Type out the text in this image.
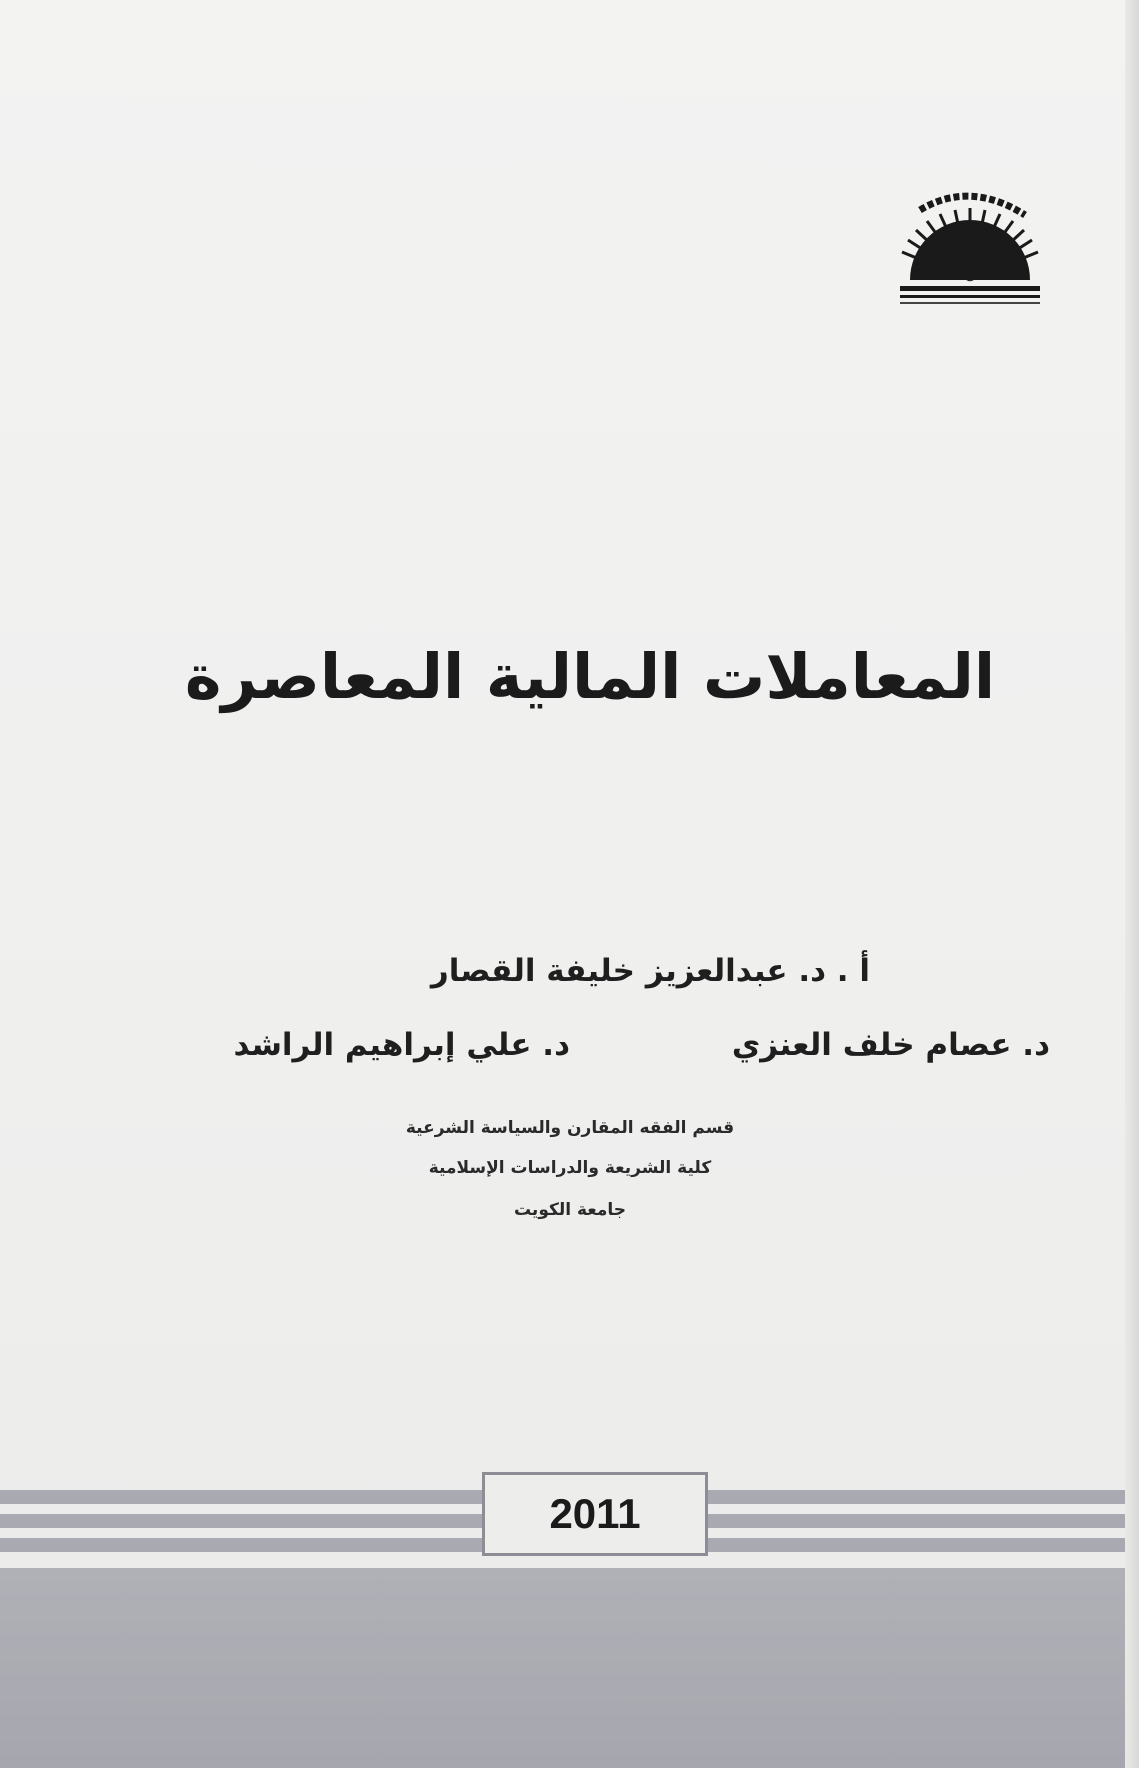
المعاملات المالية المعاصرة
أ . د. عبدالعزيز خليفة القصار
د. عصام خلف العنزي
د. علي إبراهيم الراشد
قسم الفقه المقارن والسياسة الشرعية
كلية الشريعة والدراسات الإسلامية
جامعة الكويت
2011
